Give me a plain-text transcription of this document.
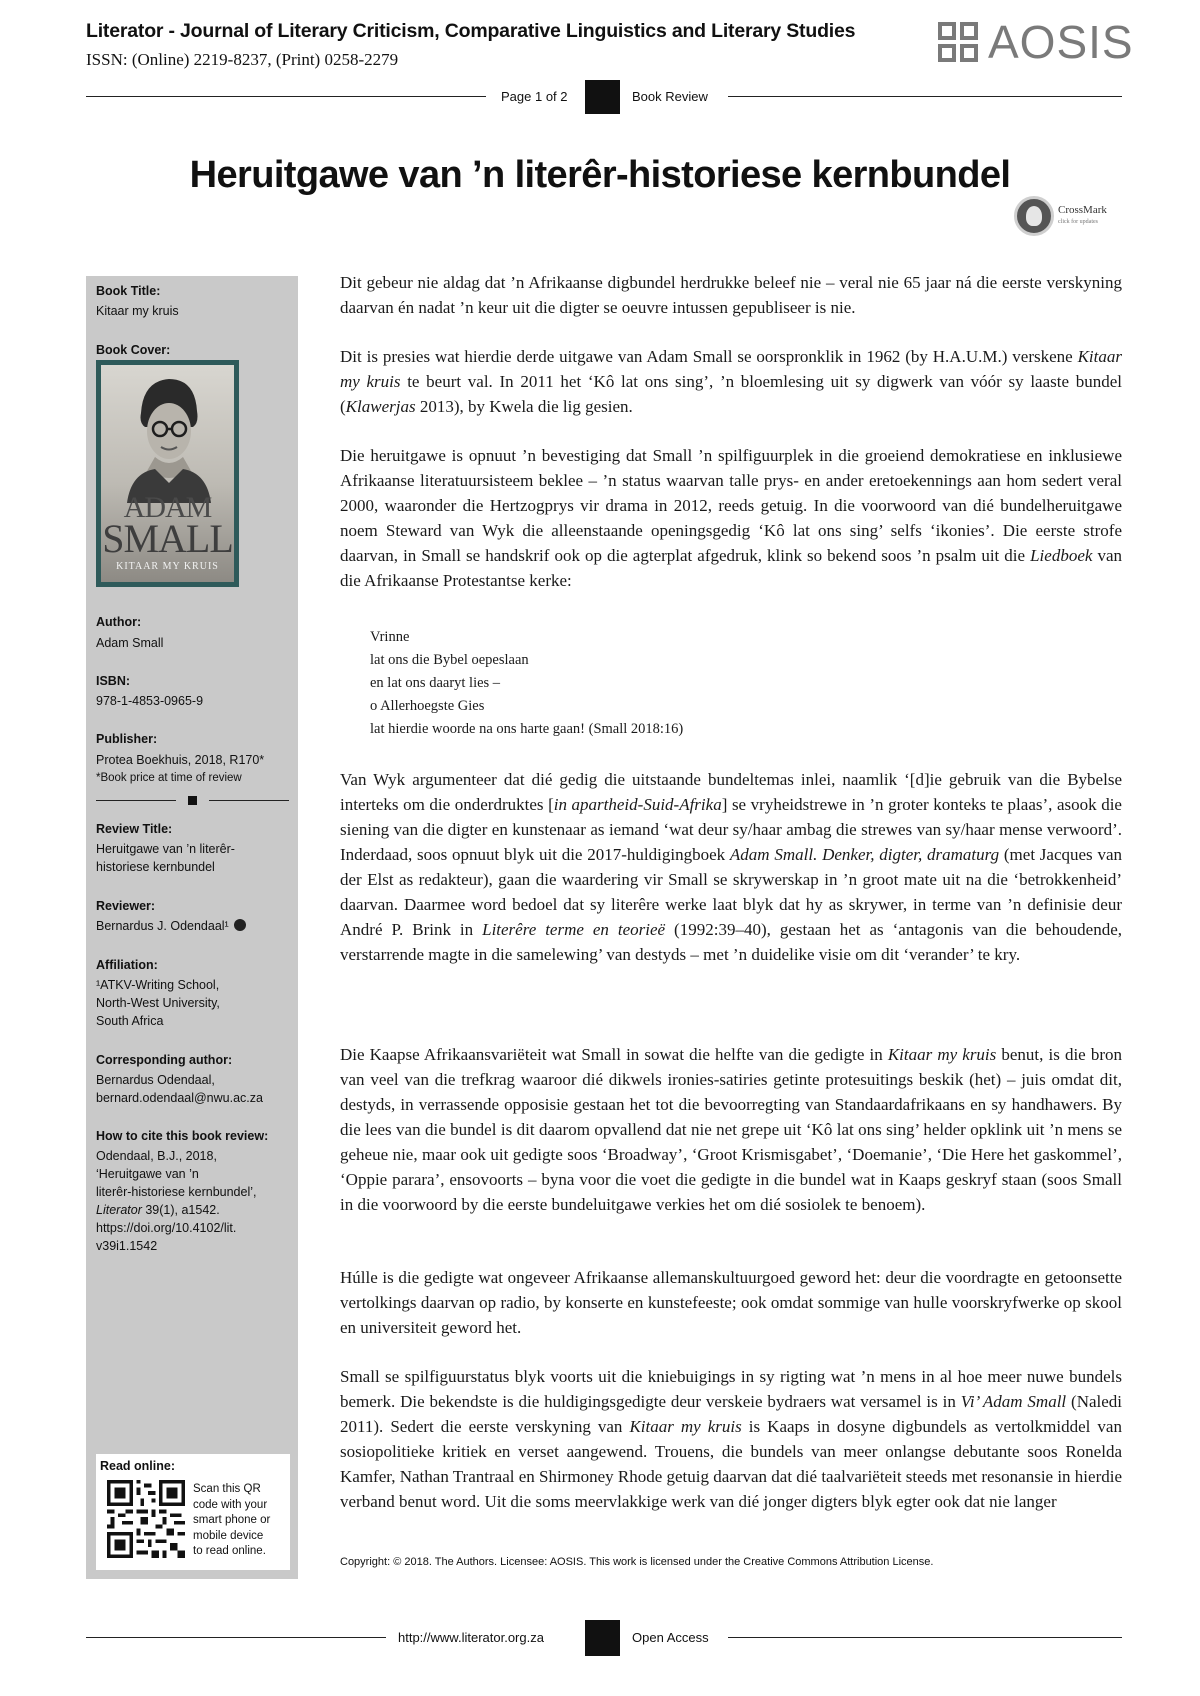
Literator - Journal of Literary Criticism, Comparative Linguistics and Literary Studies
ISSN: (Online) 2219-8237, (Print) 0258-2279	AOSIS
Page 1 of 2	Book Review
Heruitgawe van ’n literêr-historiese kernbundel
CrossMark
click for updates
Book Title:
Kitaar my kruis
Book Cover:
ADAM
SMALL
KITAAR MY KRUIS
Author:
Adam Small
ISBN:
978-1-4853-0965-9
Publisher:
Protea Boekhuis, 2018, R170*
*Book price at time of review
Review Title:
Heruitgawe van ’n literêr-
historiese kernbundel
Reviewer:
Bernardus J. Odendaal¹
Affiliation:
¹ATKV-Writing School,
North-West University,
South Africa
Corresponding author:
Bernardus Odendaal,
bernard.odendaal@nwu.ac.za
How to cite this book review:
Odendaal, B.J., 2018,
‘Heruitgawe van ’n
literêr-historiese kernbundel’,
Literator 39(1), a1542.
https://doi.org/10.4102/lit.
v39i1.1542
Read online:
Scan this QR
code with your
smart phone or
mobile device
to read online.

Dit gebeur nie aldag dat ’n Afrikaanse digbundel herdrukke beleef nie – veral nie 65 jaar ná die eerste verskyning daarvan én nadat ’n keur uit die digter se oeuvre intussen gepubliseer is nie.

Dit is presies wat hierdie derde uitgawe van Adam Small se oorspronklik in 1962 (by H.A.U.M.) verskene Kitaar my kruis te beurt val. In 2011 het ‘Kô lat ons sing’, ’n bloemlesing uit sy digwerk van vóór sy laaste bundel (Klawerjas 2013), by Kwela die lig gesien.

Die heruitgawe is opnuut ’n bevestiging dat Small ’n spilfiguurplek in die groeiend demokratiese en inklusiewe Afrikaanse literatuursisteem beklee – ’n status waarvan talle prys- en ander eretoekennings aan hom sedert veral 2000, waaronder die Hertzogprys vir drama in 2012, reeds getuig. In die voorwoord van dié bundelheruitgawe noem Steward van Wyk die alleenstaande openingsgedig ‘Kô lat ons sing’ selfs ‘ikonies’. Die eerste strofe daarvan, in Small se handskrif ook op die agterplat afgedruk, klink so bekend soos ’n psalm uit die Liedboek van die Afrikaanse Protestantse kerke:

Vrinne
lat ons die Bybel oepeslaan
en lat ons daaryt lies –
o Allerhoegste Gies
lat hierdie woorde na ons harte gaan! (Small 2018:16)

Van Wyk argumenteer dat dié gedig die uitstaande bundeltemas inlei, naamlik ‘[d]ie gebruik van die Bybelse interteks om die onderdruktes [in apartheid-Suid-Afrika] se vryheidstrewe in ’n groter konteks te plaas’, asook die siening van die digter en kunstenaar as iemand ‘wat deur sy/haar ambag die strewes van sy/haar mense verwoord’. Inderdaad, soos opnuut blyk uit die 2017-huldigingboek Adam Small. Denker, digter, dramaturg (met Jacques van der Elst as redakteur), gaan die waardering vir Small se skrywerskap in ’n groot mate uit na die ‘betrokkenheid’ daarvan. Daarmee word bedoel dat sy literêre werke laat blyk dat hy as skrywer, in terme van ’n definisie deur André P. Brink in Literêre terme en teorieë (1992:39–40), gestaan het as ‘antagonis van die behoudende, verstarrende magte in die samelewing’ van destyds – met ’n duidelike visie om dit ‘verander’ te kry.

Die Kaapse Afrikaansvariëteit wat Small in sowat die helfte van die gedigte in Kitaar my kruis benut, is die bron van veel van die trefkrag waaroor dié dikwels ironies-satiries getinte protesuitings beskik (het) – juis omdat dit, destyds, in verrassende opposisie gestaan het tot die bevoorregting van Standaardafrikaans en sy handhawers. By die lees van die bundel is dit daarom opvallend dat nie net grepe uit ‘Kô lat ons sing’ helder opklink uit ’n mens se geheue nie, maar ook uit gedigte soos ‘Broadway’, ‘Groot Krismisgabet’, ‘Doemanie’, ‘Die Here het gaskommel’, ‘Oppie parara’, ensovoorts – byna voor die voet die gedigte in die bundel wat in Kaaps geskryf staan (soos Small in die voorwoord by die eerste bundeluitgawe verkies het om dié sosiolek te benoem).

Húlle is die gedigte wat ongeveer Afrikaanse allemanskultuurgoed geword het: deur die voordragte en getoonsette vertolkings daarvan op radio, by konserte en kunstefeeste; ook omdat sommige van hulle voorskryfwerke op skool en universiteit geword het.

Small se spilfiguurstatus blyk voorts uit die kniebuigings in sy rigting wat ’n mens in al hoe meer nuwe bundels bemerk. Die bekendste is die huldigingsgedigte deur verskeie bydraers wat versamel is in Vi’ Adam Small (Naledi 2011). Sedert die eerste verskyning van Kitaar my kruis is Kaaps in dosyne digbundels as vertolkmiddel van sosiopolitieke kritiek en verset aangewend. Trouens, die bundels van meer onlangse debutante soos Ronelda Kamfer, Nathan Trantraal en Shirmoney Rhode getuig daarvan dat dié taalvariëteit steeds met resonansie in hierdie verband benut word. Uit die soms meervlakkige werk van dié jonger digters blyk egter ook dat nie langer

Copyright: © 2018. The Authors. Licensee: AOSIS. This work is licensed under the Creative Commons Attribution License.
http://www.literator.org.za	Open Access
